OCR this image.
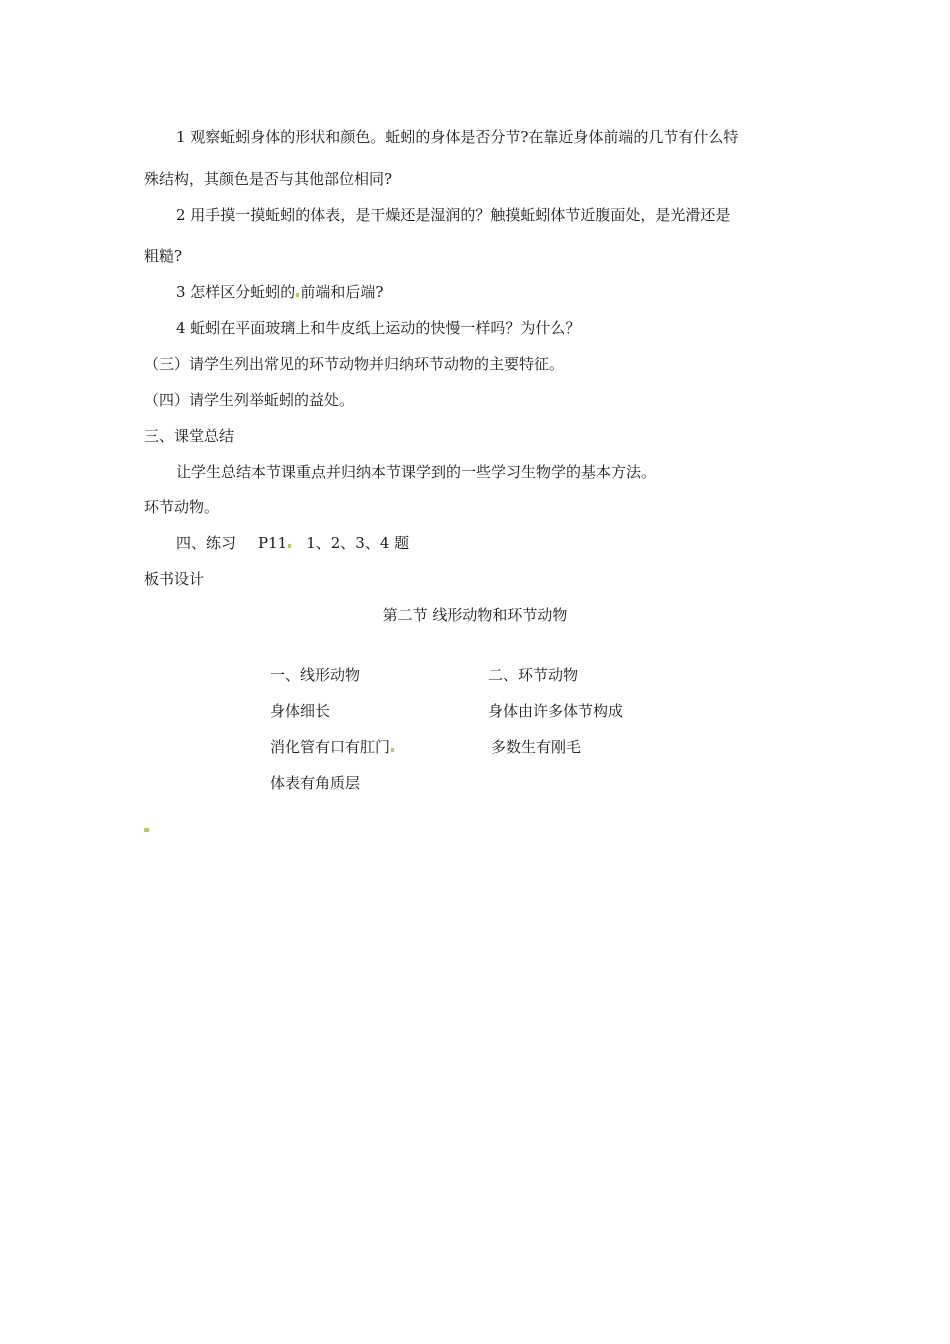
1 观察蚯蚓身体的形状和颜色。蚯蚓的身体是否分节?在靠近身体前端的几节有什么特
殊结构，其颜色是否与其他部位相同?
2 用手摸一摸蚯蚓的体表，是干燥还是湿润的？触摸蚯蚓体节近腹面处，是光滑还是
粗糙?
3 怎样区分蚯蚓的 前端和后端?
4 蚯蚓在平面玻璃上和牛皮纸上运动的快慢一样吗？为什么？
（三）请学生列出常见的环节动物并归纳环节动物的主要特征。
（四）请学生列举蚯蚓的益处。
三、课堂总结
让学生总结本节课重点并归纳本节课学到的一些学习生物学的基本方法。
环节动物。
四、练习 P11 1、2、3、4 题
板书设计
第二节 线形动物和环节动物
一、线形动物	二、环节动物
身体细长	身体由许多体节构成
消化管有口有肛门	多数生有刚毛
体表有角质层
